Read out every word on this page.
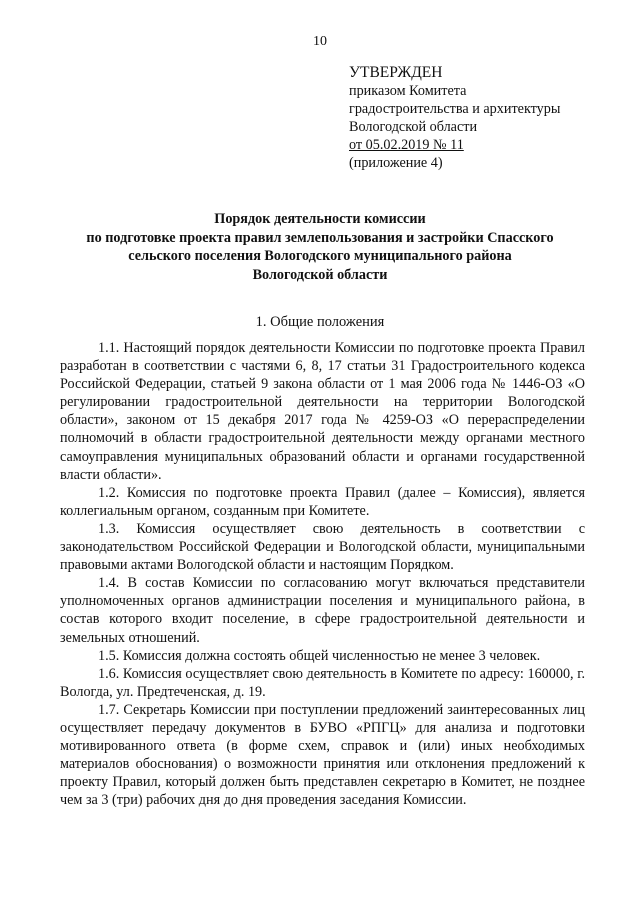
10
УТВЕРЖДЕН
приказом Комитета
градостроительства и архитектуры
Вологодской области
от 05.02.2019 № 11
(приложение 4)
Порядок деятельности комиссии
по подготовке проекта правил землепользования и застройки Спасского
сельского поселения Вологодского муниципального района
Вологодской области
1. Общие положения

1.1. Настоящий порядок деятельности Комиссии по подготовке проекта Правил разработан в соответствии с частями 6, 8, 17 статьи 31 Градостроительного кодекса Российской Федерации, статьей 9 закона области от 1 мая 2006 года № 1446-ОЗ «О регулировании градостроительной деятельности на территории Вологодской области», законом от 15 декабря 2017 года № 4259-ОЗ «О перераспределении полномочий в области градостроительной деятельности между органами местного самоуправления муниципальных образований области и органами государственной власти области».

1.2. Комиссия по подготовке проекта Правил (далее – Комиссия), является коллегиальным органом, созданным при Комитете.

1.3. Комиссия осуществляет свою деятельность в соответствии с законодательством Российской Федерации и Вологодской области, муниципальными правовыми актами Вологодской области и настоящим Порядком.

1.4. В состав Комиссии по согласованию могут включаться представители уполномоченных органов администрации поселения и муниципального района, в состав которого входит поселение, в сфере градостроительной деятельности и земельных отношений.

1.5. Комиссия должна состоять общей численностью не менее 3 человек.

1.6. Комиссия осуществляет свою деятельность в Комитете по адресу: 160000, г. Вологда, ул. Предтеченская, д. 19.

1.7. Секретарь Комиссии при поступлении предложений заинтересованных лиц осуществляет передачу документов в БУВО «РПГЦ» для анализа и подготовки мотивированного ответа (в форме схем, справок и (или) иных необходимых материалов обоснования) о возможности принятия или отклонения предложений к проекту Правил, который должен быть представлен секретарю в Комитет, не позднее чем за 3 (три) рабочих дня до дня проведения заседания Комиссии.
